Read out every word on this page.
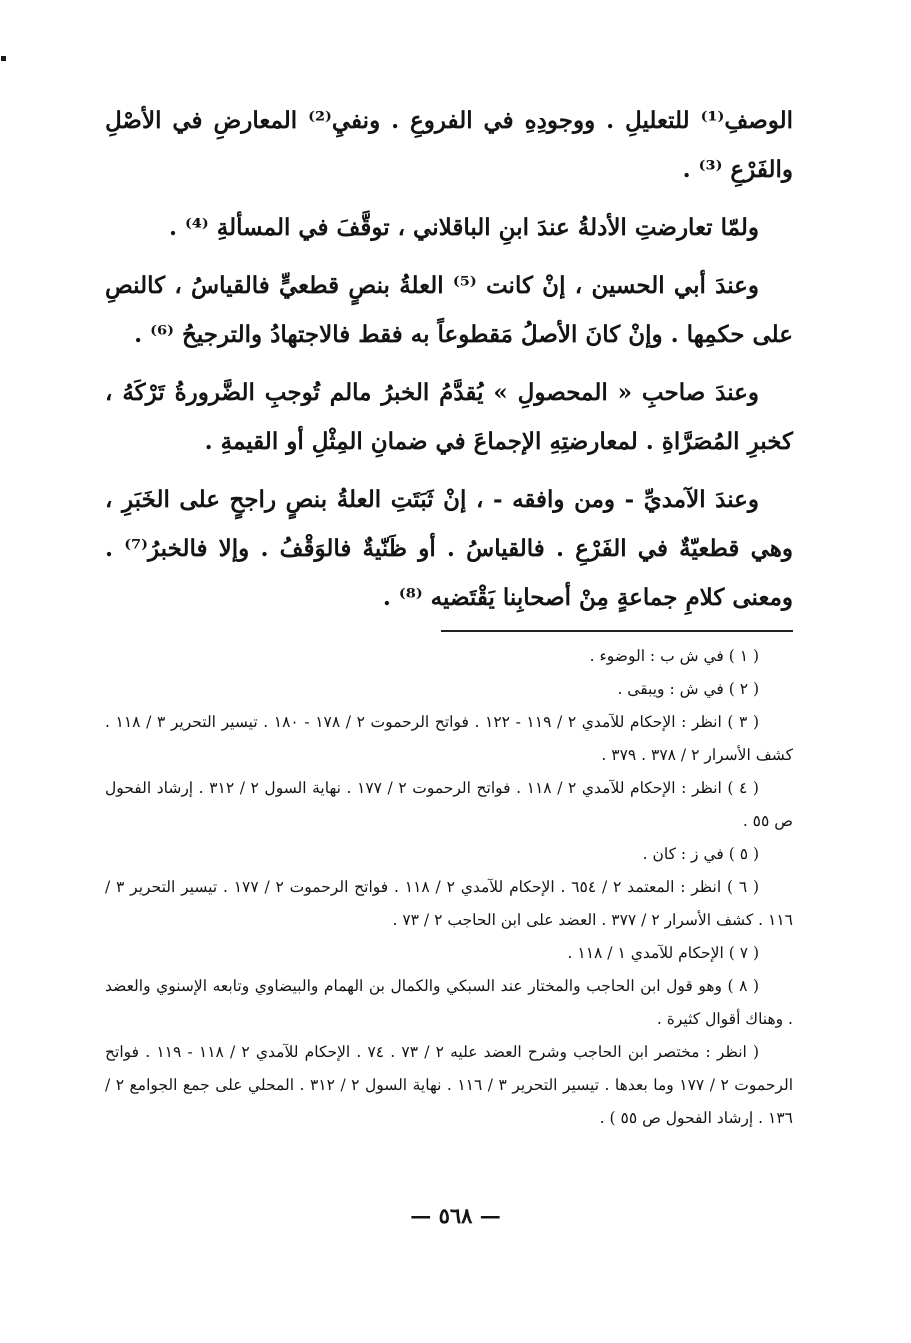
الوصفِ⁽¹⁾ للتعليلِ . ووجودِهِ في الفروعِ . ونفيِ⁽²⁾ المعارضِ في الأصْلِ والفَرْعِ ⁽³⁾ .

ولمّا تعارضتِ الأدلةُ عندَ ابنِ الباقلاني ، توقَّفَ في المسألةِ ⁽⁴⁾ .

وعندَ أبي الحسين ، إنْ كانت ⁽⁵⁾ العلةُ بنصٍ قطعيٍّ فالقياسُ ، كالنصِ على حكمِها . وإنْ كانَ الأصلُ مَقطوعاً به فقط فالاجتهادُ والترجيحُ ⁽⁶⁾ .

وعندَ صاحبِ « المحصولِ » يُقدَّمُ الخبرُ مالم تُوجبِ الضَّرورةُ تَرْكَهُ ، كخبرِ المُصَرَّاةِ . لمعارضتِهِ الإجماعَ في ضمانِ المِثْلِ أو القيمةِ .

وعندَ الآمديِّ - ومن وافقه - ، إنْ ثَبَتَتِ العلةُ بنصٍ راجحٍ على الخَبَرِ ، وهي قطعيّةٌ في الفَرْعِ . فالقياسُ . أو ظَنّيةٌ فالوَقْفُ . وإلا فالخبرُ⁽⁷⁾ . ومعنى كلامِ جماعةٍ مِنْ أصحابِنا يَقْتَضيه ⁽⁸⁾ .

( ١ ) في ش ب : الوضوء .

( ٢ ) في ش : ويبقى .

( ٣ ) انظر : الإحكام للآمدي ٢ / ١١٩ - ١٢٢ . فواتح الرحموت ٢ / ١٧٨ - ١٨٠ . تيسير التحرير ٣ / ١١٨ . كشف الأسرار ٢ / ٣٧٨ . ٣٧٩ .

( ٤ ) انظر : الإحكام للآمدي ٢ / ١١٨ . فواتح الرحموت ٢ / ١٧٧ . نهاية السول ٢ / ٣١٢ . إرشاد الفحول ص ٥٥ .

( ٥ ) في ز : كان .

( ٦ ) انظر : المعتمد ٢ / ٦٥٤ . الإحكام للآمدي ٢ / ١١٨ . فواتح الرحموت ٢ / ١٧٧ . تيسير التحرير ٣ / ١١٦ . كشف الأسرار ٢ / ٣٧٧ . العضد على ابن الحاجب ٢ / ٧٣ .

( ٧ ) الإحكام للآمدي ١ / ١١٨ .

( ٨ ) وهو قول ابن الحاجب والمختار عند السبكي والكمال بن الهمام والبيضاوي وتابعه الإسنوي والعضد . وهناك أقوال كثيرة .

( انظر : مختصر ابن الحاجب وشرح العضد عليه ٢ / ٧٣ . ٧٤ . الإحكام للآمدي ٢ / ١١٨ - ١١٩ . فواتح الرحموت ٢ / ١٧٧ وما بعدها . تيسير التحرير ٣ / ١١٦ . نهاية السول ٢ / ٣١٢ . المحلي على جمع الجوامع ٢ / ١٣٦ . إرشاد الفحول ص ٥٥ ) .

— ٥٦٨ —
